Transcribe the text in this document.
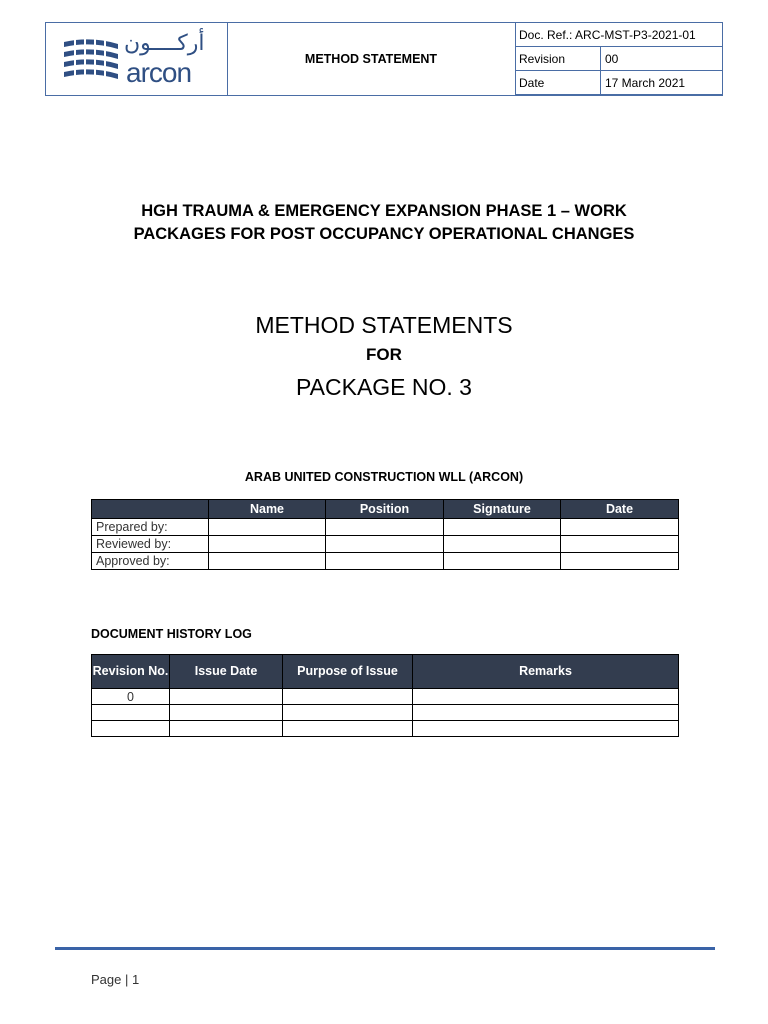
أركــــون
arcon	METHOD STATEMENT
Doc. Ref.: ARC-MST-P3-2021-01
Revision	00
Date	17 March 2021
HGH TRAUMA & EMERGENCY EXPANSION PHASE 1 – WORK
PACKAGES FOR POST OCCUPANCY OPERATIONAL CHANGES
METHOD STATEMENTS
FOR
PACKAGE NO. 3
ARAB UNITED CONSTRUCTION WLL (ARCON)
	Name	Position	Signature	Date
Prepared by:				
Reviewed by:				
Approved by:				
DOCUMENT HISTORY LOG
Revision No.	Issue Date	Purpose of Issue	Remarks
0			

Page | 1
